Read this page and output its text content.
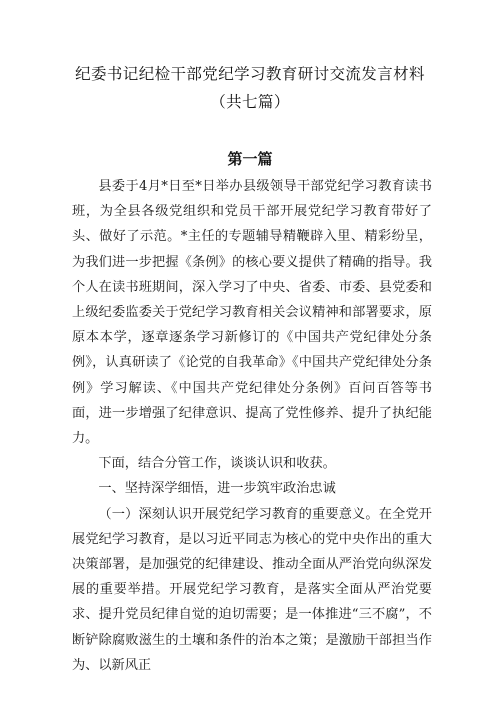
纪委书记纪检干部党纪学习教育研讨交流发言材料
（共七篇）
第一篇

县委于4月*日至*日举办县级领导干部党纪学习教育读书班，为全县各级党组织和党员干部开展党纪学习教育带好了头、做好了示范。*主任的专题辅导精鞭辟入里、精彩纷呈，为我们进一步把握《条例》的核心要义提供了精确的指导。我个人在读书班期间，深入学习了中央、省委、市委、县党委和上级纪委监委关于党纪学习教育相关会议精神和部署要求，原原本本学，逐章逐条学习新修订的《中国共产党纪律处分条例》，认真研读了《论党的自我革命》《中国共产党纪律处分条例》学习解读、《中国共产党纪律处分条例》百问百答等书面，进一步增强了纪律意识、提高了党性修养、提升了执纪能力。

下面，结合分管工作，谈谈认识和收获。

一、坚持深学细悟，进一步筑牢政治忠诚

（一）深刻认识开展党纪学习教育的重要意义。在全党开展党纪学习教育，是以习近平同志为核心的党中央作出的重大决策部署，是加强党的纪律建设、推动全面从严治党向纵深发展的重要举措。开展党纪学习教育，是落实全面从严治党要求、提升党员纪律自觉的迫切需要；是一体推进“三不腐”，不断铲除腐败滋生的土壤和条件的治本之策；是激励干部担当作为、以新风正
